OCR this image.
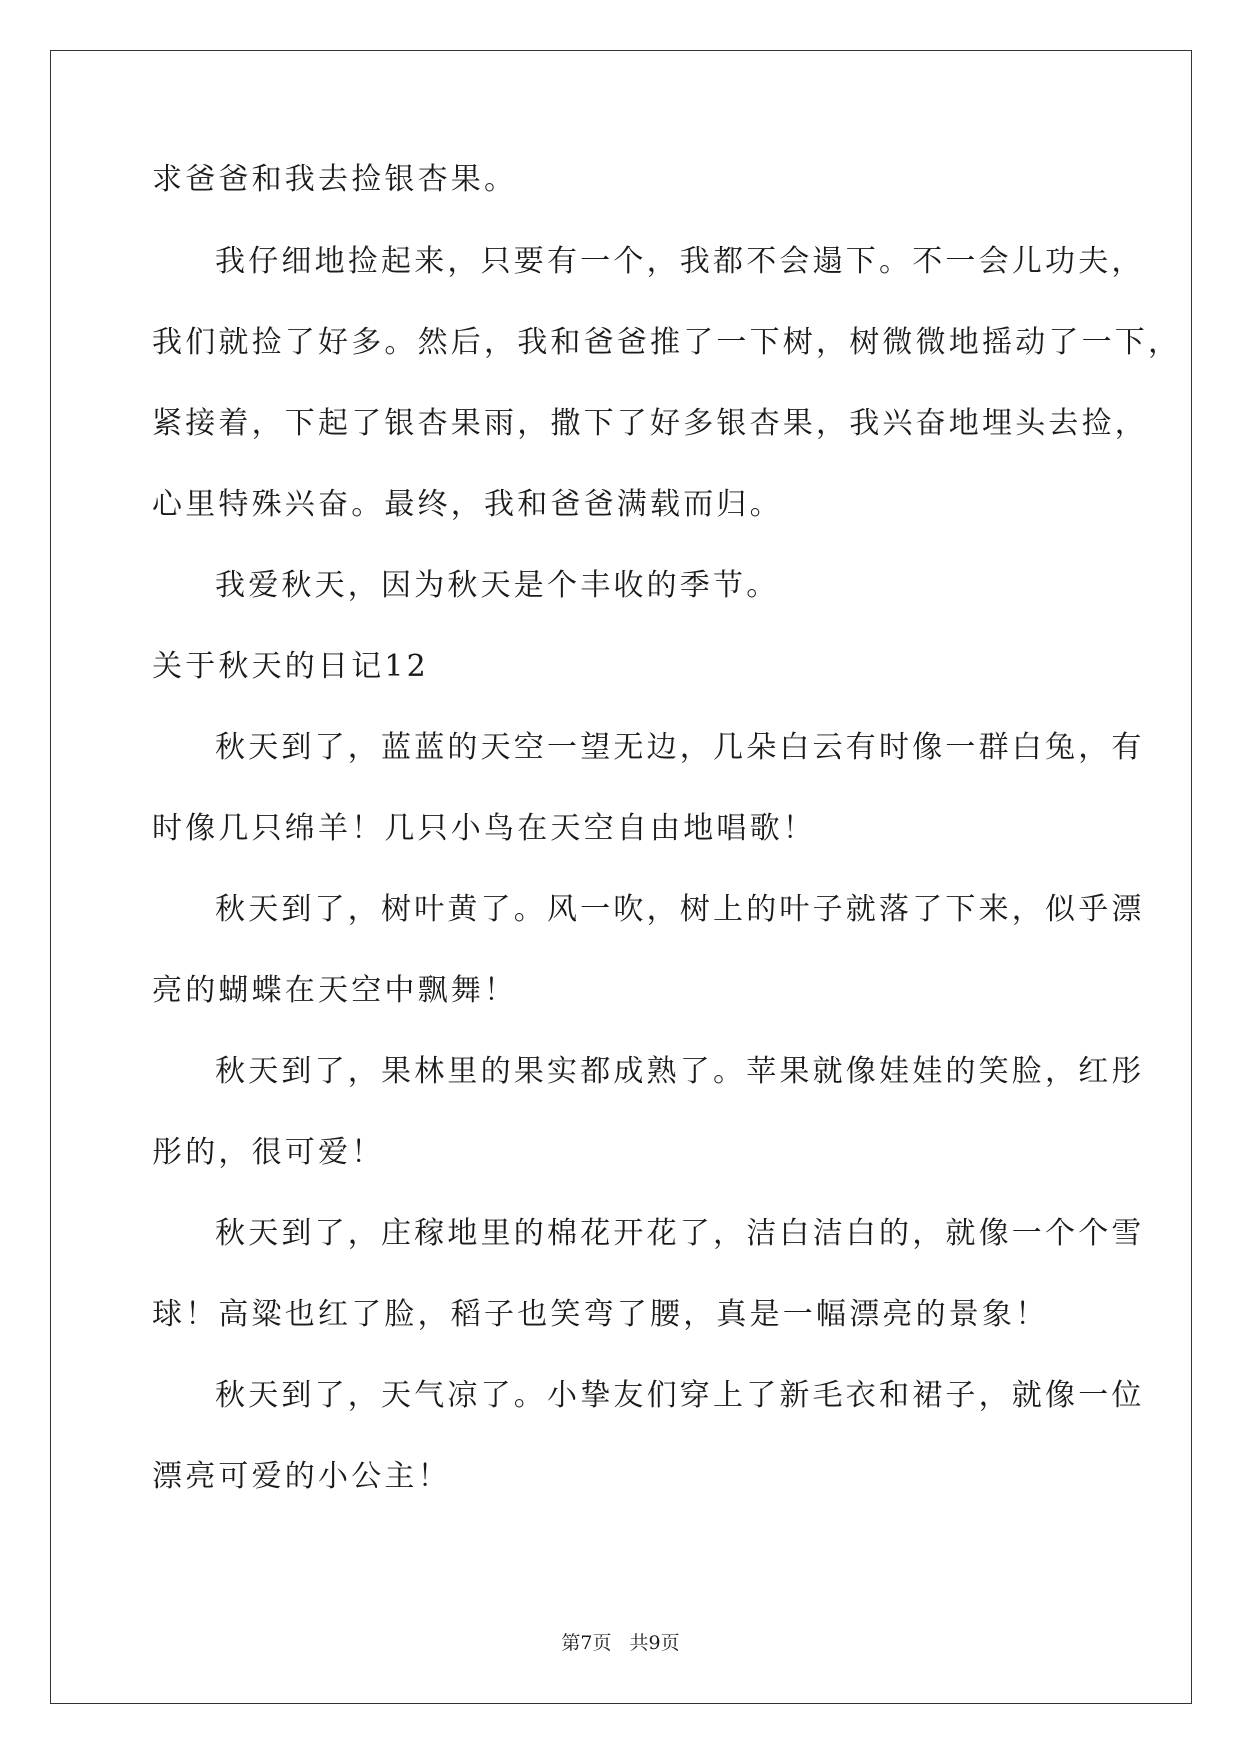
求爸爸和我去捡银杏果。
我仔细地捡起来，只要有一个，我都不会遢下。不一会儿功夫，
我们就捡了好多。然后，我和爸爸推了一下树，树微微地摇动了一下，
紧接着，下起了银杏果雨，撒下了好多银杏果，我兴奋地埋头去捡，
心里特殊兴奋。最终，我和爸爸满载而归。
我爱秋天，因为秋天是个丰收的季节。
关于秋天的日记12
秋天到了，蓝蓝的天空一望无边，几朵白云有时像一群白兔，有
时像几只绵羊！几只小鸟在天空自由地唱歌！
秋天到了，树叶黄了。风一吹，树上的叶子就落了下来，似乎漂
亮的蝴蝶在天空中飘舞！
秋天到了，果林里的果实都成熟了。苹果就像娃娃的笑脸，红彤
彤的，很可爱！
秋天到了，庄稼地里的棉花开花了，洁白洁白的，就像一个个雪
球！高粱也红了脸，稻子也笑弯了腰，真是一幅漂亮的景象！
秋天到了，天气凉了。小挚友们穿上了新毛衣和裙子，就像一位
漂亮可爱的小公主！
第7页 共9页
